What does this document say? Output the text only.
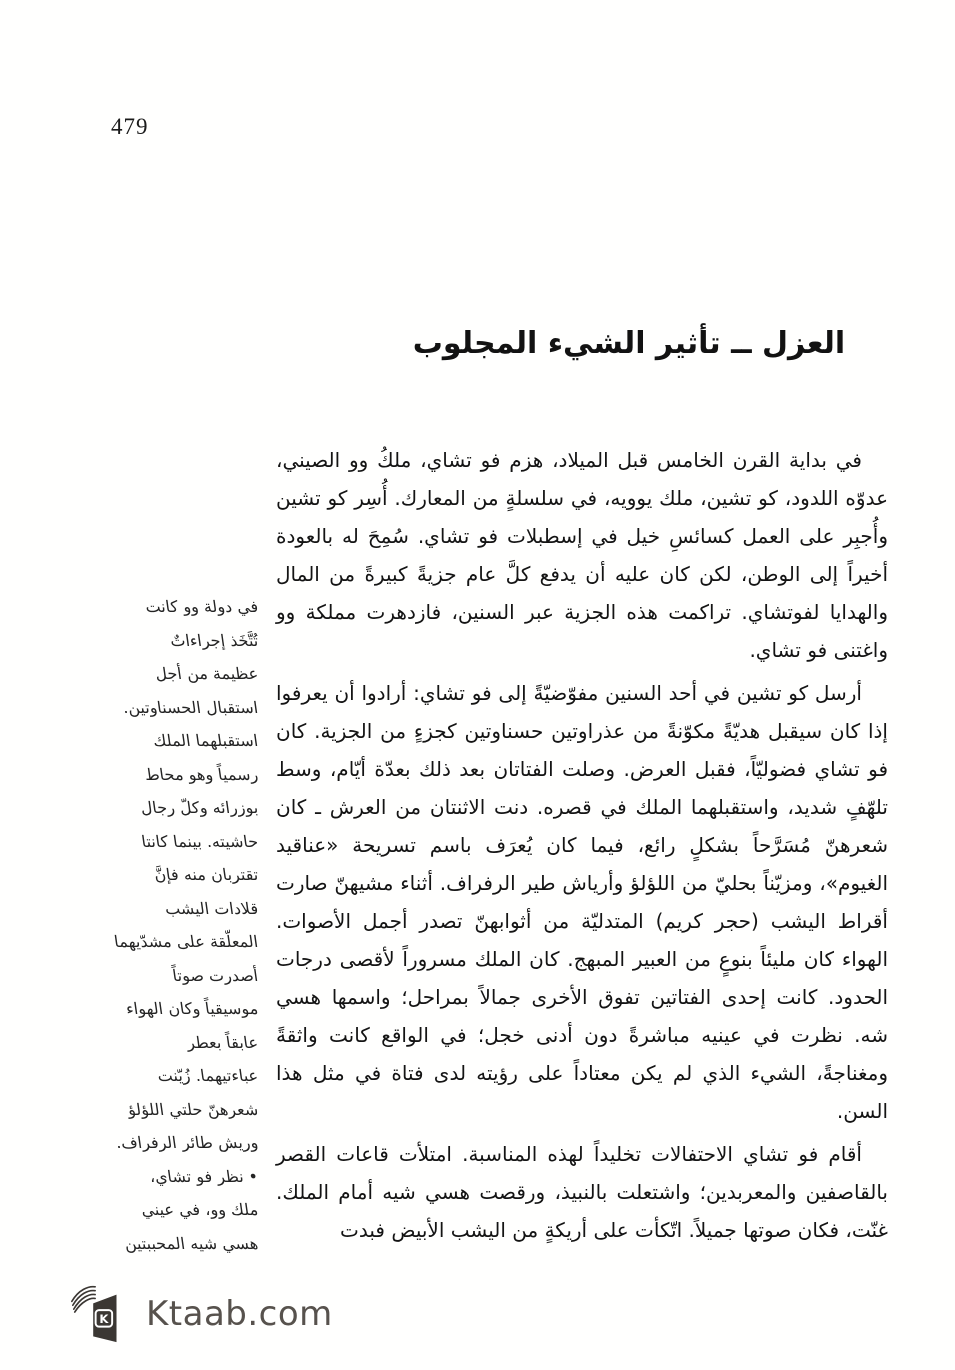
479
العزل ــ تأثير الشيء المجلوب

في بداية القرن الخامس قبل الميلاد، هزم فو تشاي، ملكُ وو الصيني، عدوّه اللدود، كو تشين، ملك يوويه، في سلسلةٍ من المعارك. أُسِر كو تشين وأُجبِر على العمل كسائسِ خيل في إسطبلات فو تشاي. سُمِحَ له بالعودة أخيراً إلى الوطن، لكن كان عليه أن يدفع كلَّ عام جزيةً كبيرةً من المال والهدايا لفوتشاي. تراكمت هذه الجزية عبر السنين، فازدهرت مملكة وو واغتنى فو تشاي.

أرسل كو تشين في أحد السنين مفوّضيّةً إلى فو تشاي: أرادوا أن يعرفوا إذا كان سيقبل هديّةً مكوّنةً من عذراوتين حسناوتين كجزءٍ من الجزية. كان فو تشاي فضوليّاً، فقبل العرض. وصلت الفتاتان بعد ذلك بعدّة أيّام، وسط تلهّفٍ شديد، واستقبلهما الملك في قصره. دنت الاثنتان من العرش ـ كان شعرهنّ مُسَرَّحاً بشكلٍ رائع، فيما كان يُعرَف باسم تسريحة «عناقيد الغيوم»، ومزيّناً بحليّ من اللؤلؤ وأرياش طير الرفراف. أثناء مشيهنّ صارت أقراط اليشب (حجر كريم) المتدليّة من أثوابهنّ تصدر أجمل الأصوات. الهواء كان مليئاً بنوعٍ من العبير المبهج. كان الملك مسروراً لأقصى درجات الحدود. كانت إحدى الفتاتين تفوق الأخرى جمالاً بمراحل؛ واسمها هسي شه. نظرت في عينيه مباشرةً دون أدنى خجل؛ في الواقع كانت واثقةً ومغناجةً، الشيء الذي لم يكن معتاداً على رؤيته لدى فتاة في مثل هذا السن.

أقام فو تشاي الاحتفالات تخليداً لهذه المناسبة. امتلأت قاعات القصر بالقاصفين والمعربدين؛ واشتعلت بالنبيذ، ورقصت هسي شيه أمام الملك. غنّت، فكان صوتها جميلاً. اتّكأت على أريكةٍ من اليشب الأبيض فبدت

في دولة وو كانت
تُتَّخَذ إجراءاتٌ
عظيمة من أجل
استقبال الحسناوتين.
استقبلهما الملك
رسمياً وهو محاط
بوزرائه وكلّ رجال
حاشيته. بينما كانتا
تقتربان منه فإنَّ
قلادات اليشب
المعلّقة على مشدّيهما
أصدرت صوتاً
موسيقياً وكان الهواء
عابقاً بعطر
عباءتيهما. زُيّنت
شعرهنّ حلتي اللؤلؤ
وريش طائر الرفراف.
• نظر فو تشاي،
ملك وو، في عيني
هسي شيه المحببتين
K Ktaab.com
